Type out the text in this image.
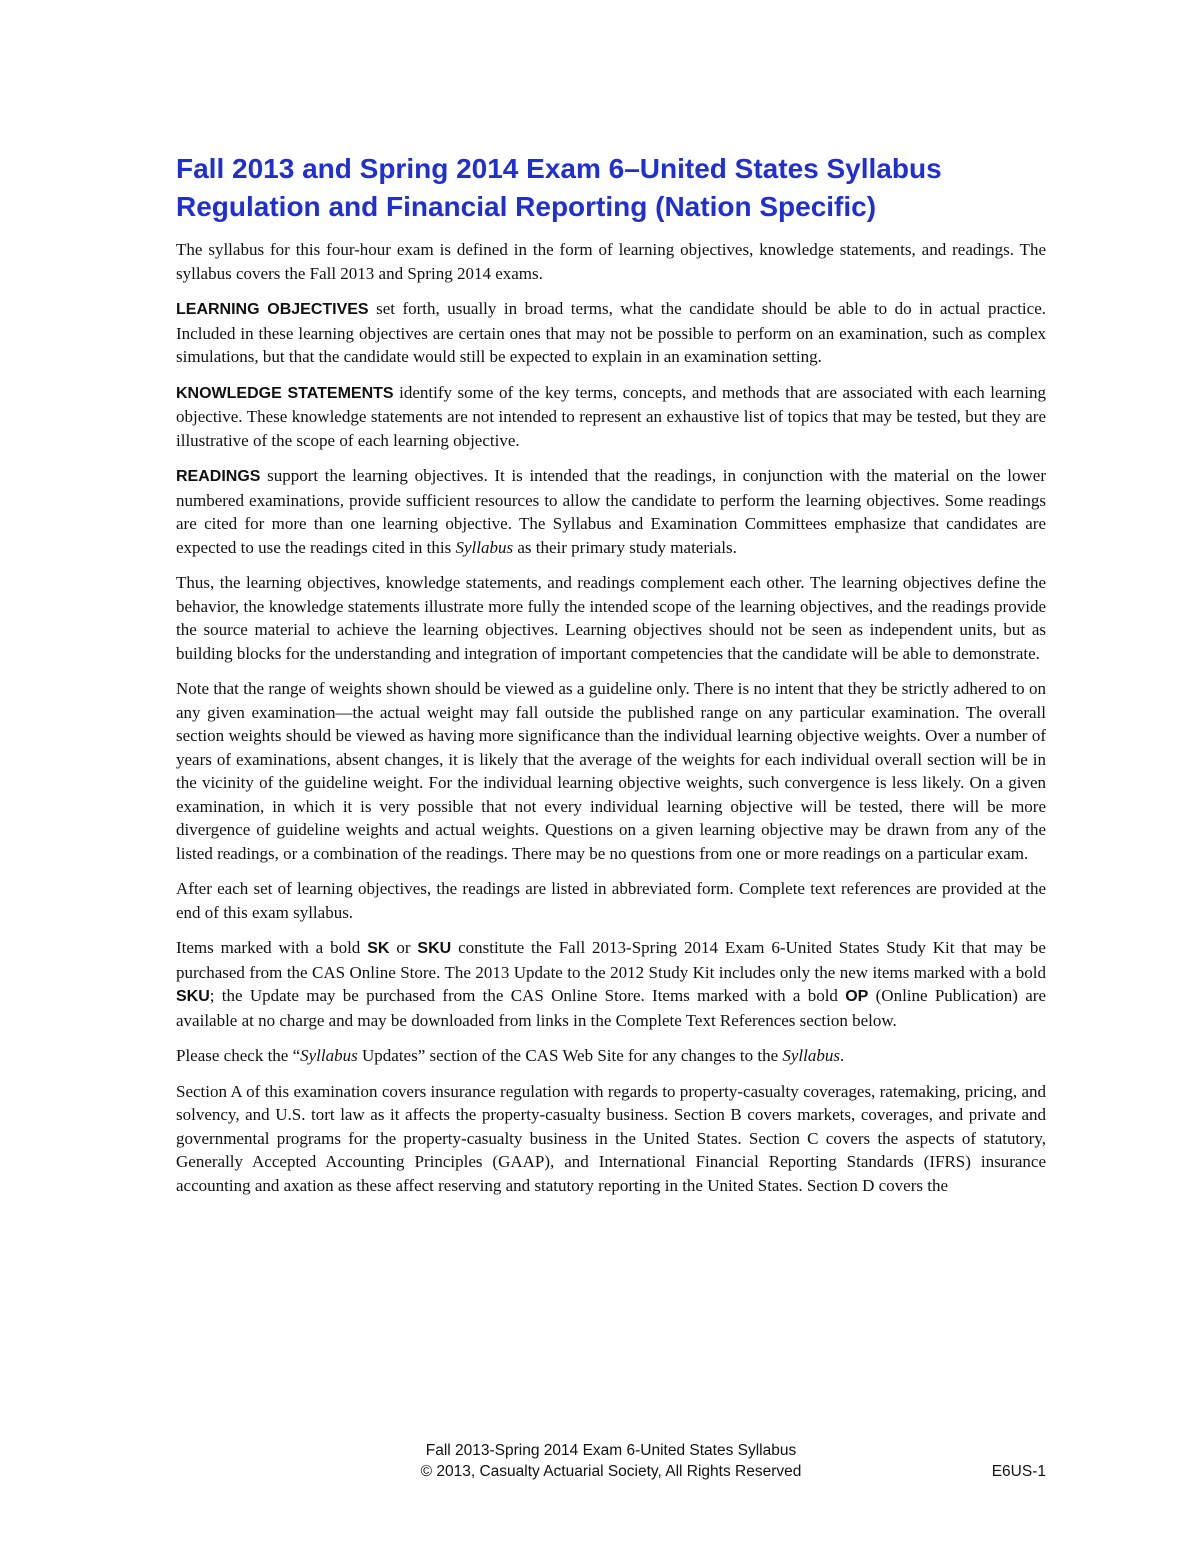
Fall 2013 and Spring 2014 Exam 6–United States Syllabus
Regulation and Financial Reporting (Nation Specific)

The syllabus for this four-hour exam is defined in the form of learning objectives, knowledge statements, and readings. The syllabus covers the Fall 2013 and Spring 2014 exams.

LEARNING OBJECTIVES set forth, usually in broad terms, what the candidate should be able to do in actual practice. Included in these learning objectives are certain ones that may not be possible to perform on an examination, such as complex simulations, but that the candidate would still be expected to explain in an examination setting.

KNOWLEDGE STATEMENTS identify some of the key terms, concepts, and methods that are associated with each learning objective. These knowledge statements are not intended to represent an exhaustive list of topics that may be tested, but they are illustrative of the scope of each learning objective.

READINGS support the learning objectives. It is intended that the readings, in conjunction with the material on the lower numbered examinations, provide sufficient resources to allow the candidate to perform the learning objectives. Some readings are cited for more than one learning objective. The Syllabus and Examination Committees emphasize that candidates are expected to use the readings cited in this Syllabus as their primary study materials.

Thus, the learning objectives, knowledge statements, and readings complement each other. The learning objectives define the behavior, the knowledge statements illustrate more fully the intended scope of the learning objectives, and the readings provide the source material to achieve the learning objectives. Learning objectives should not be seen as independent units, but as building blocks for the understanding and integration of important competencies that the candidate will be able to demonstrate.

Note that the range of weights shown should be viewed as a guideline only. There is no intent that they be strictly adhered to on any given examination—the actual weight may fall outside the published range on any particular examination. The overall section weights should be viewed as having more significance than the individual learning objective weights. Over a number of years of examinations, absent changes, it is likely that the average of the weights for each individual overall section will be in the vicinity of the guideline weight. For the individual learning objective weights, such convergence is less likely. On a given examination, in which it is very possible that not every individual learning objective will be tested, there will be more divergence of guideline weights and actual weights. Questions on a given learning objective may be drawn from any of the listed readings, or a combination of the readings. There may be no questions from one or more readings on a particular exam.

After each set of learning objectives, the readings are listed in abbreviated form. Complete text references are provided at the end of this exam syllabus.

Items marked with a bold SK or SKU constitute the Fall 2013-Spring 2014 Exam 6-United States Study Kit that may be purchased from the CAS Online Store. The 2013 Update to the 2012 Study Kit includes only the new items marked with a bold SKU; the Update may be purchased from the CAS Online Store. Items marked with a bold OP (Online Publication) are available at no charge and may be downloaded from links in the Complete Text References section below.

Please check the “Syllabus Updates” section of the CAS Web Site for any changes to the Syllabus.

Section A of this examination covers insurance regulation with regards to property-casualty coverages, ratemaking, pricing, and solvency, and U.S. tort law as it affects the property-casualty business. Section B covers markets, coverages, and private and governmental programs for the property-casualty business in the United States. Section C covers the aspects of statutory, Generally Accepted Accounting Principles (GAAP), and International Financial Reporting Standards (IFRS) insurance accounting and axation as these affect reserving and statutory reporting in the United States. Section D covers the

Fall 2013-Spring 2014 Exam 6-United States Syllabus
© 2013, Casualty Actuarial Society, All Rights Reserved	E6US-1
